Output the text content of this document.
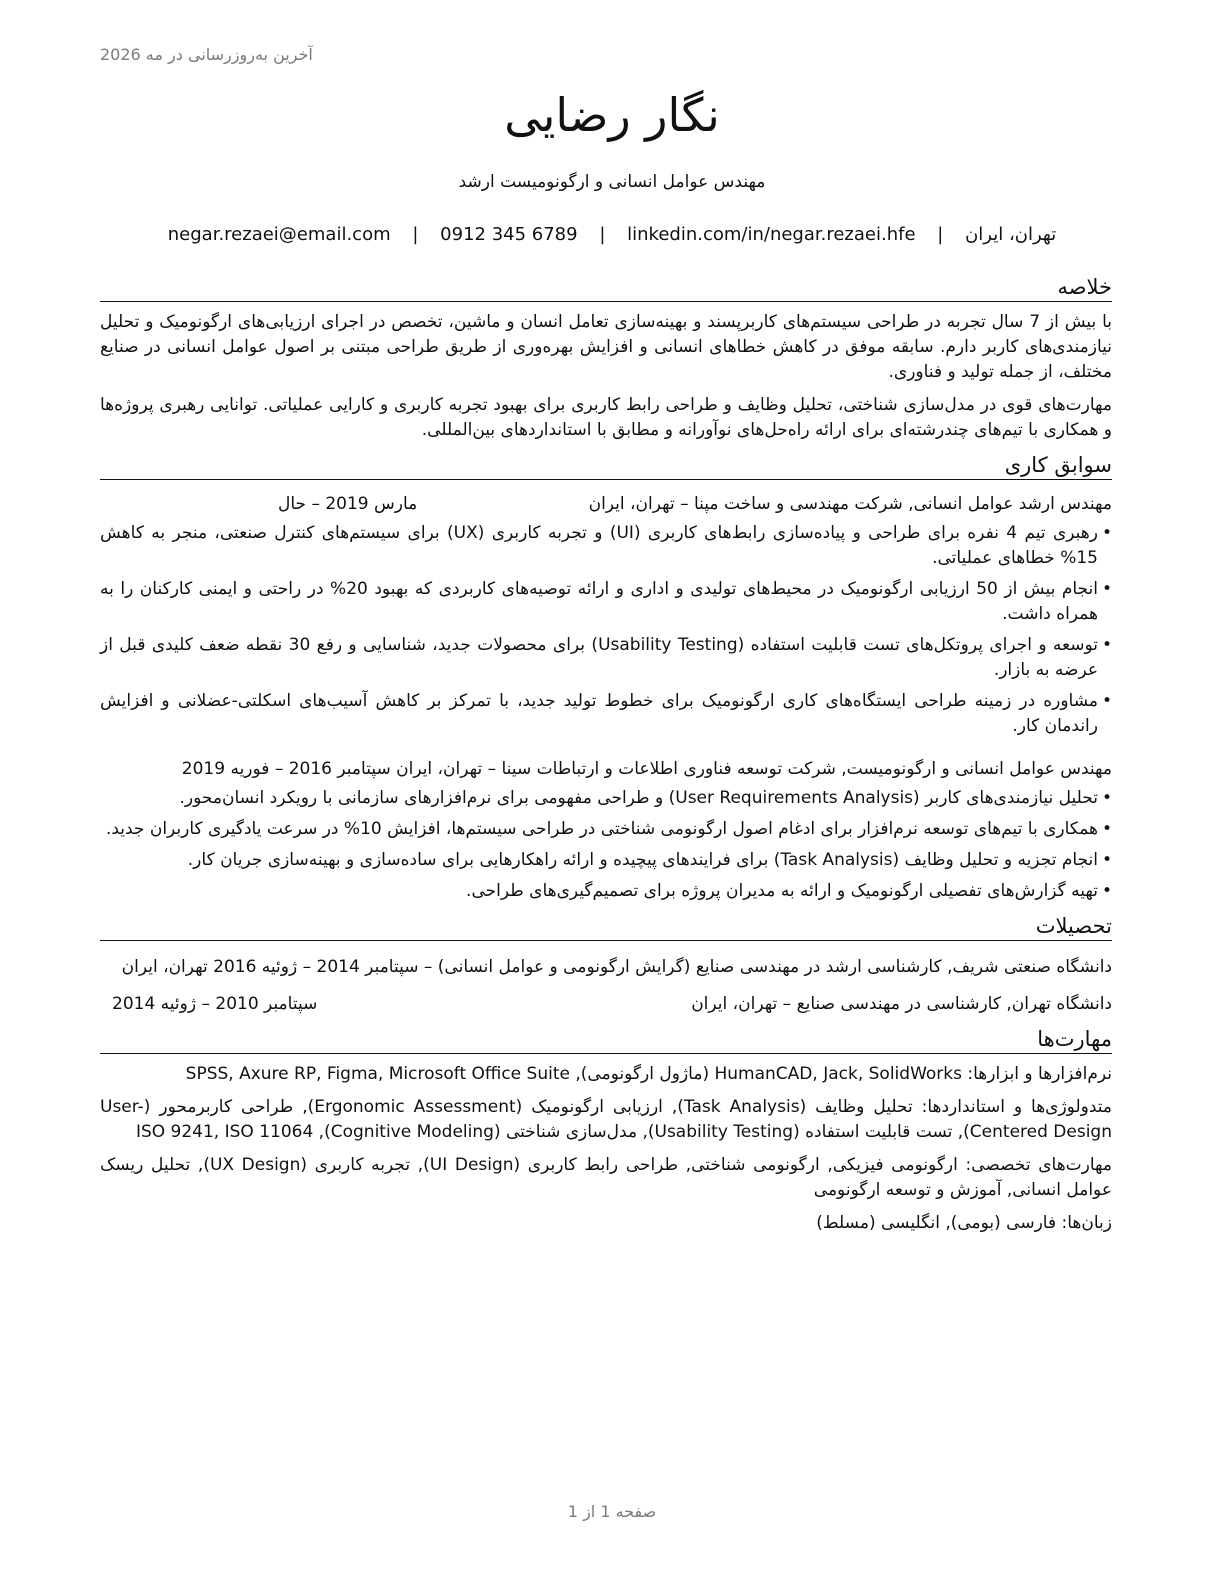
آخرین به‌روزرسانی در مه 2026
نگار رضایی
مهندس عوامل انسانی و ارگونومیست ارشد
تهران، ایران | negar.rezaei@email.com | 0912 345 6789 | linkedin.com/in/negar.rezaei.hfe
خلاصه

با بیش از 7 سال تجربه در طراحی سیستم‌های کاربرپسند و بهینه‌سازی تعامل انسان و ماشین، تخصص در اجرای ارزیابی‌های ارگونومیک و تحلیل نیازمندی‌های کاربر دارم. سابقه موفق در کاهش خطاهای انسانی و افزایش بهره‌وری از طریق طراحی مبتنی بر اصول عوامل انسانی در صنایع مختلف، از جمله تولید و فناوری.

مهارت‌های قوی در مدل‌سازی شناختی، تحلیل وظایف و طراحی رابط کاربری برای بهبود تجربه کاربری و کارایی عملیاتی. توانایی رهبری پروژه‌ها و همکاری با تیم‌های چندرشته‌ای برای ارائه راه‌حل‌های نوآورانه و مطابق با استانداردهای بین‌المللی.

سوابق کاری
مهندس ارشد عوامل انسانی, شرکت مهندسی و ساخت مپنا – تهران، ایران
مارس 2019 – حال
• رهبری تیم 4 نفره برای طراحی و پیاده‌سازی رابط‌های کاربری (UI) و تجربه کاربری (UX) برای سیستم‌های کنترل صنعتی، منجر به کاهش 15% خطاهای عملیاتی.
• انجام بیش از 50 ارزیابی ارگونومیک در محیط‌های تولیدی و اداری و ارائه توصیه‌های کاربردی که بهبود 20% در راحتی و ایمنی کارکنان را به همراه داشت.
• توسعه و اجرای پروتکل‌های تست قابلیت استفاده (Usability Testing) برای محصولات جدید، شناسایی و رفع 30 نقطه ضعف کلیدی قبل از عرضه به بازار.
• مشاوره در زمینه طراحی ایستگاه‌های کاری ارگونومیک برای خطوط تولید جدید، با تمرکز بر کاهش آسیب‌های اسکلتی-عضلانی و افزایش راندمان کار.
مهندس عوامل انسانی و ارگونومیست, شرکت توسعه فناوری اطلاعات و ارتباطات سینا – تهران، ایران سپتامبر 2016 – فوریه 2019
• تحلیل نیازمندی‌های کاربر (User Requirements Analysis) و طراحی مفهومی برای نرم‌افزارهای سازمانی با رویکرد انسان‌محور.
• همکاری با تیم‌های توسعه نرم‌افزار برای ادغام اصول ارگونومی شناختی در طراحی سیستم‌ها، افزایش 10% در سرعت یادگیری کاربران جدید.
• انجام تجزیه و تحلیل وظایف (Task Analysis) برای فرایندهای پیچیده و ارائه راهکارهایی برای ساده‌سازی و بهینه‌سازی جریان کار.
• تهیه گزارش‌های تفصیلی ارگونومیک و ارائه به مدیران پروژه برای تصمیم‌گیری‌های طراحی.
تحصیلات
دانشگاه صنعتی شریف, کارشناسی ارشد در مهندسی صنایع (گرایش ارگونومی و عوامل انسانی) – سپتامبر 2014 – ژوئیه 2016 تهران، ایران
دانشگاه تهران, کارشناسی در مهندسی صنایع – تهران، ایران
سپتامبر 2010 – ژوئیه 2014
مهارت‌ها

نرم‌افزارها و ابزارها: HumanCAD, Jack, SolidWorks (ماژول ارگونومی), SPSS, Axure RP, Figma, Microsoft Office Suite

متدولوژی‌ها و استانداردها: تحلیل وظایف (Task Analysis), ارزیابی ارگونومیک (Ergonomic Assessment), طراحی کاربرمحور (User-Centered Design), تست قابلیت استفاده (Usability Testing), مدل‌سازی شناختی (Cognitive Modeling), ISO 9241, ISO 11064

مهارت‌های تخصصی: ارگونومی فیزیکی, ارگونومی شناختی, طراحی رابط کاربری (UI Design), تجربه کاربری (UX Design), تحلیل ریسک عوامل انسانی, آموزش و توسعه ارگونومی

زبان‌ها: فارسی (بومی), انگلیسی (مسلط)

صفحه 1 از 1
